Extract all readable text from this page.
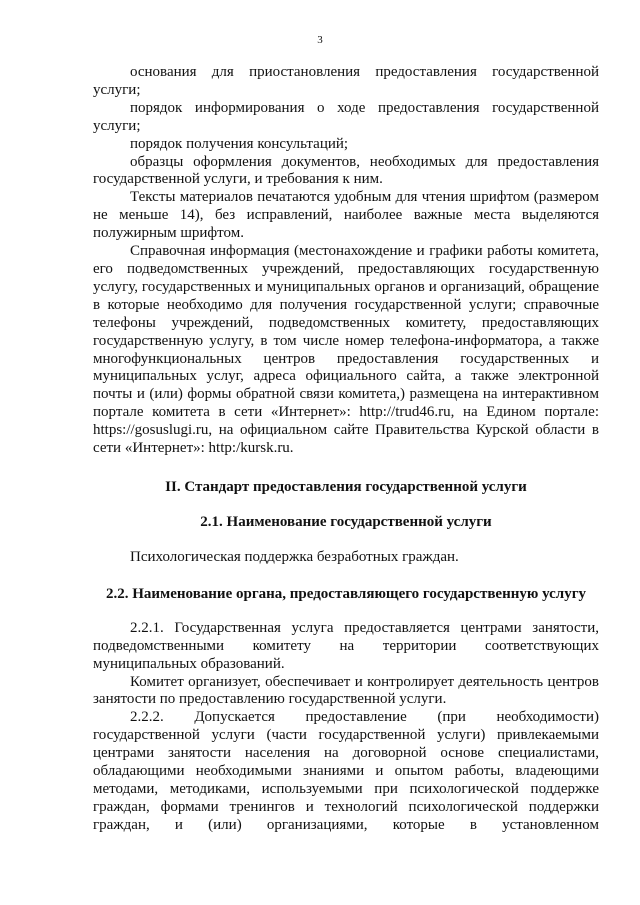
3

основания для приостановления предоставления государственной услуги;

порядок информирования о ходе предоставления государственной услуги;

порядок получения консультаций;

образцы оформления документов, необходимых для предоставления государственной услуги, и требования к ним.

Тексты материалов печатаются удобным для чтения шрифтом (размером не меньше 14), без исправлений, наиболее важные места выделяются полужирным шрифтом.

Справочная информация (местонахождение и графики работы комитета, его подведомственных учреждений, предоставляющих государственную услугу, государственных и муниципальных органов и организаций, обращение в которые необходимо для получения государственной услуги; справочные телефоны учреждений, подведомственных комитету, предоставляющих государственную услугу, в том числе номер телефона-информатора, а также многофункциональных центров предоставления государственных и муниципальных услуг, адреса официального сайта, а также электронной почты и (или) формы обратной связи комитета,) размещена на интерактивном портале комитета в сети «Интернет»: http://trud46.ru, на Едином портале: https://gosuslugi.ru, на официальном сайте Правительства Курской области в сети «Интернет»: http:/kursk.ru.

II. Стандарт предоставления государственной услуги
2.1. Наименование государственной услуги

Психологическая поддержка безработных граждан.

2.2. Наименование органа, предоставляющего государственную услугу

2.2.1. Государственная услуга предоставляется центрами занятости, подведомственными комитету на территории соответствующих муниципальных образований.

Комитет организует, обеспечивает и контролирует деятельность центров занятости по предоставлению государственной услуги.

2.2.2. Допускается предоставление (при необходимости) государственной услуги (части государственной услуги) привлекаемыми центрами занятости населения на договорной основе специалистами, обладающими необходимыми знаниями и опытом работы, владеющими методами, методиками, используемыми при психологической поддержке граждан, формами тренингов и технологий психологической поддержки граждан, и (или) организациями, которые в установленном
